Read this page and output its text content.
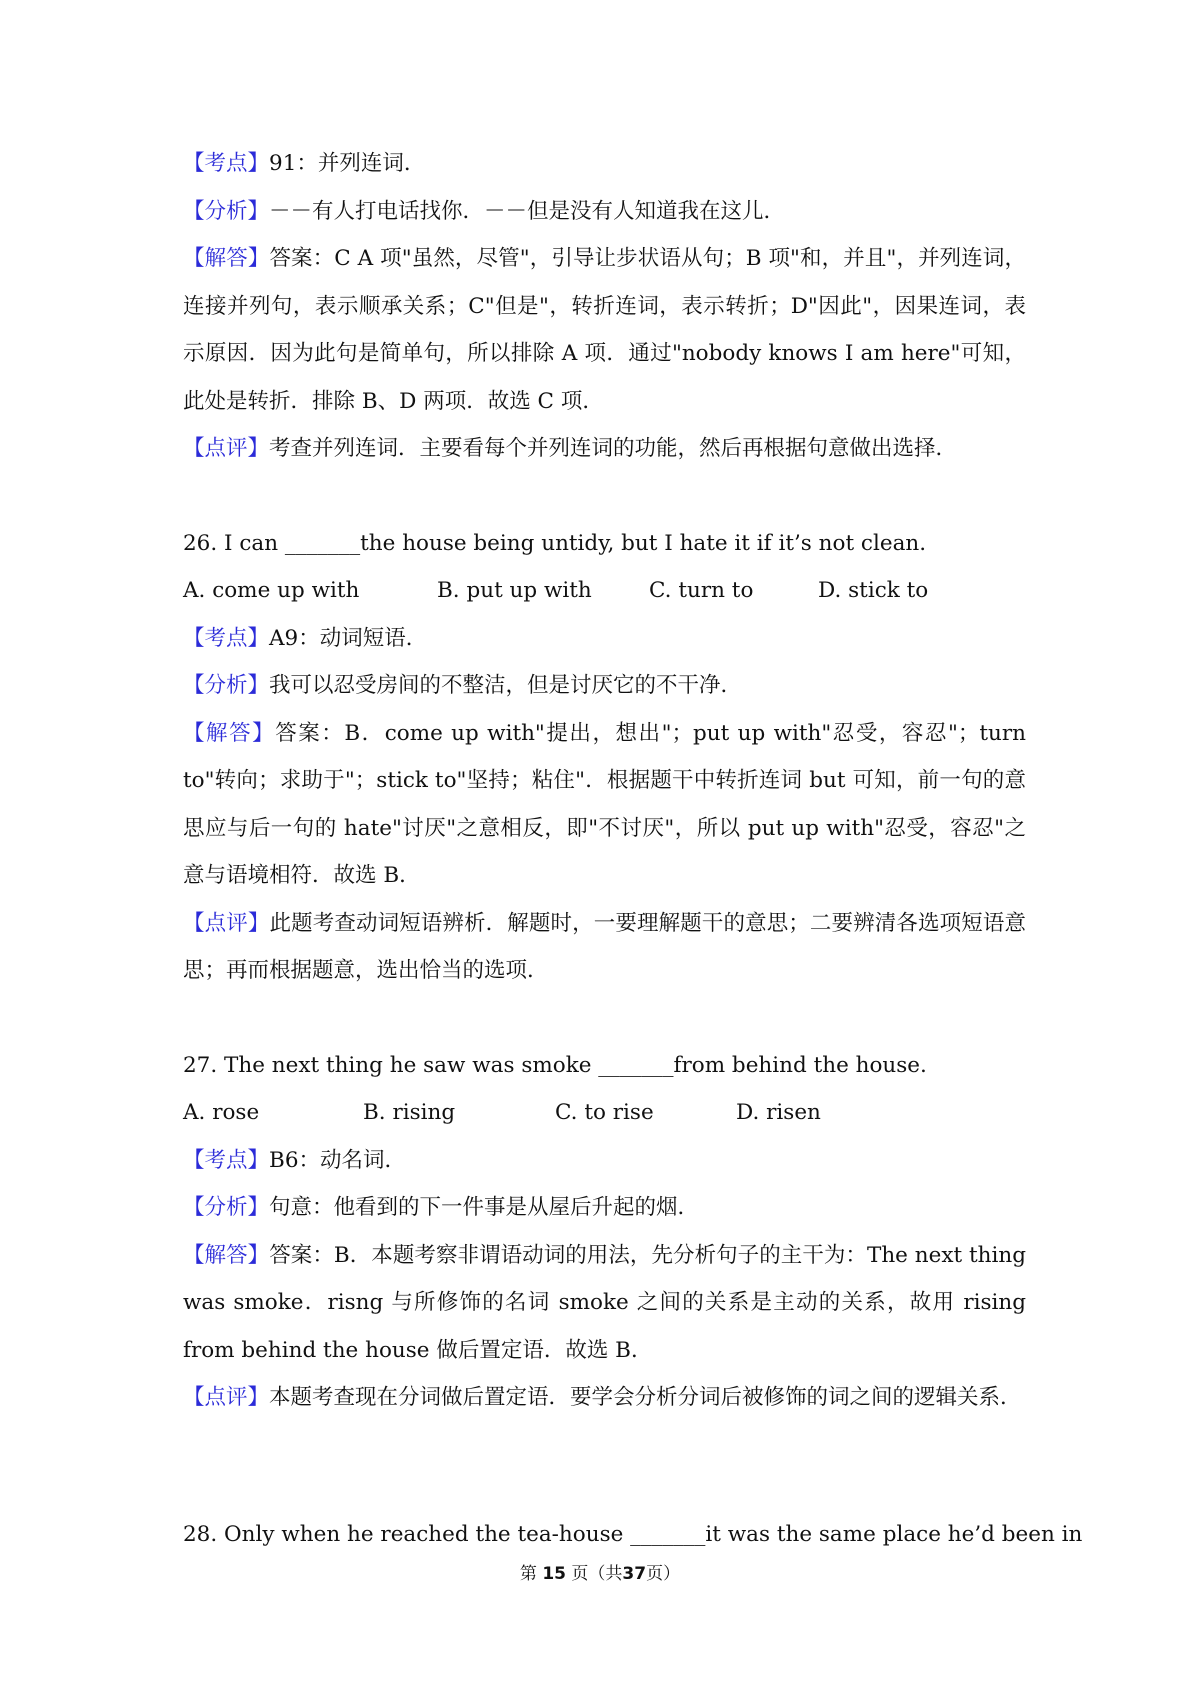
【考点】91：并列连词．
【分析】－－有人打电话找你．－－但是没有人知道我在这儿．
【解答】答案：C A 项"虽然，尽管"，引导让步状语从句；B 项"和，并且"，并列连词，连接并列句，表示顺承关系；C"但是"，转折连词，表示转折；D"因此"，因果连词，表示原因．因为此句是简单句，所以排除 A 项．通过"nobody knows I am here"可知，此处是转折．排除 B、D 两项．故选 C 项．
【点评】考查并列连词．主要看每个并列连词的功能，然后再根据句意做出选择．
26. I can _______the house being untidy, but I hate it if it’s not clean.
A. come up with	B. put up with	C. turn to	D. stick to
【考点】A9：动词短语．
【分析】我可以忍受房间的不整洁，但是讨厌它的不干净．
【解答】答案：B．come up with"提出，想出"；put up with"忍受，容忍"；turn to"转向；求助于"；stick to"坚持；粘住"．根据题干中转折连词 but 可知，前一句的意思应与后一句的 hate"讨厌"之意相反，即"不讨厌"，所以 put up with"忍受，容忍"之意与语境相符．故选 B．
【点评】此题考查动词短语辨析．解题时，一要理解题干的意思；二要辨清各选项短语意思；再而根据题意，选出恰当的选项．
27. The next thing he saw was smoke _______from behind the house.
A. rose	B. rising	C. to rise	D. risen
【考点】B6：动名词．
【分析】句意：他看到的下一件事是从屋后升起的烟．
【解答】答案：B．本题考察非谓语动词的用法，先分析句子的主干为：The next thing was smoke．risng 与所修饰的名词 smoke 之间的关系是主动的关系，故用 rising from behind the house 做后置定语．故选 B．
【点评】本题考查现在分词做后置定语．要学会分析分词后被修饰的词之间的逻辑关系．
28. Only when he reached the tea-house _______it was the same place he’d been in
第 15 页（共37页）
